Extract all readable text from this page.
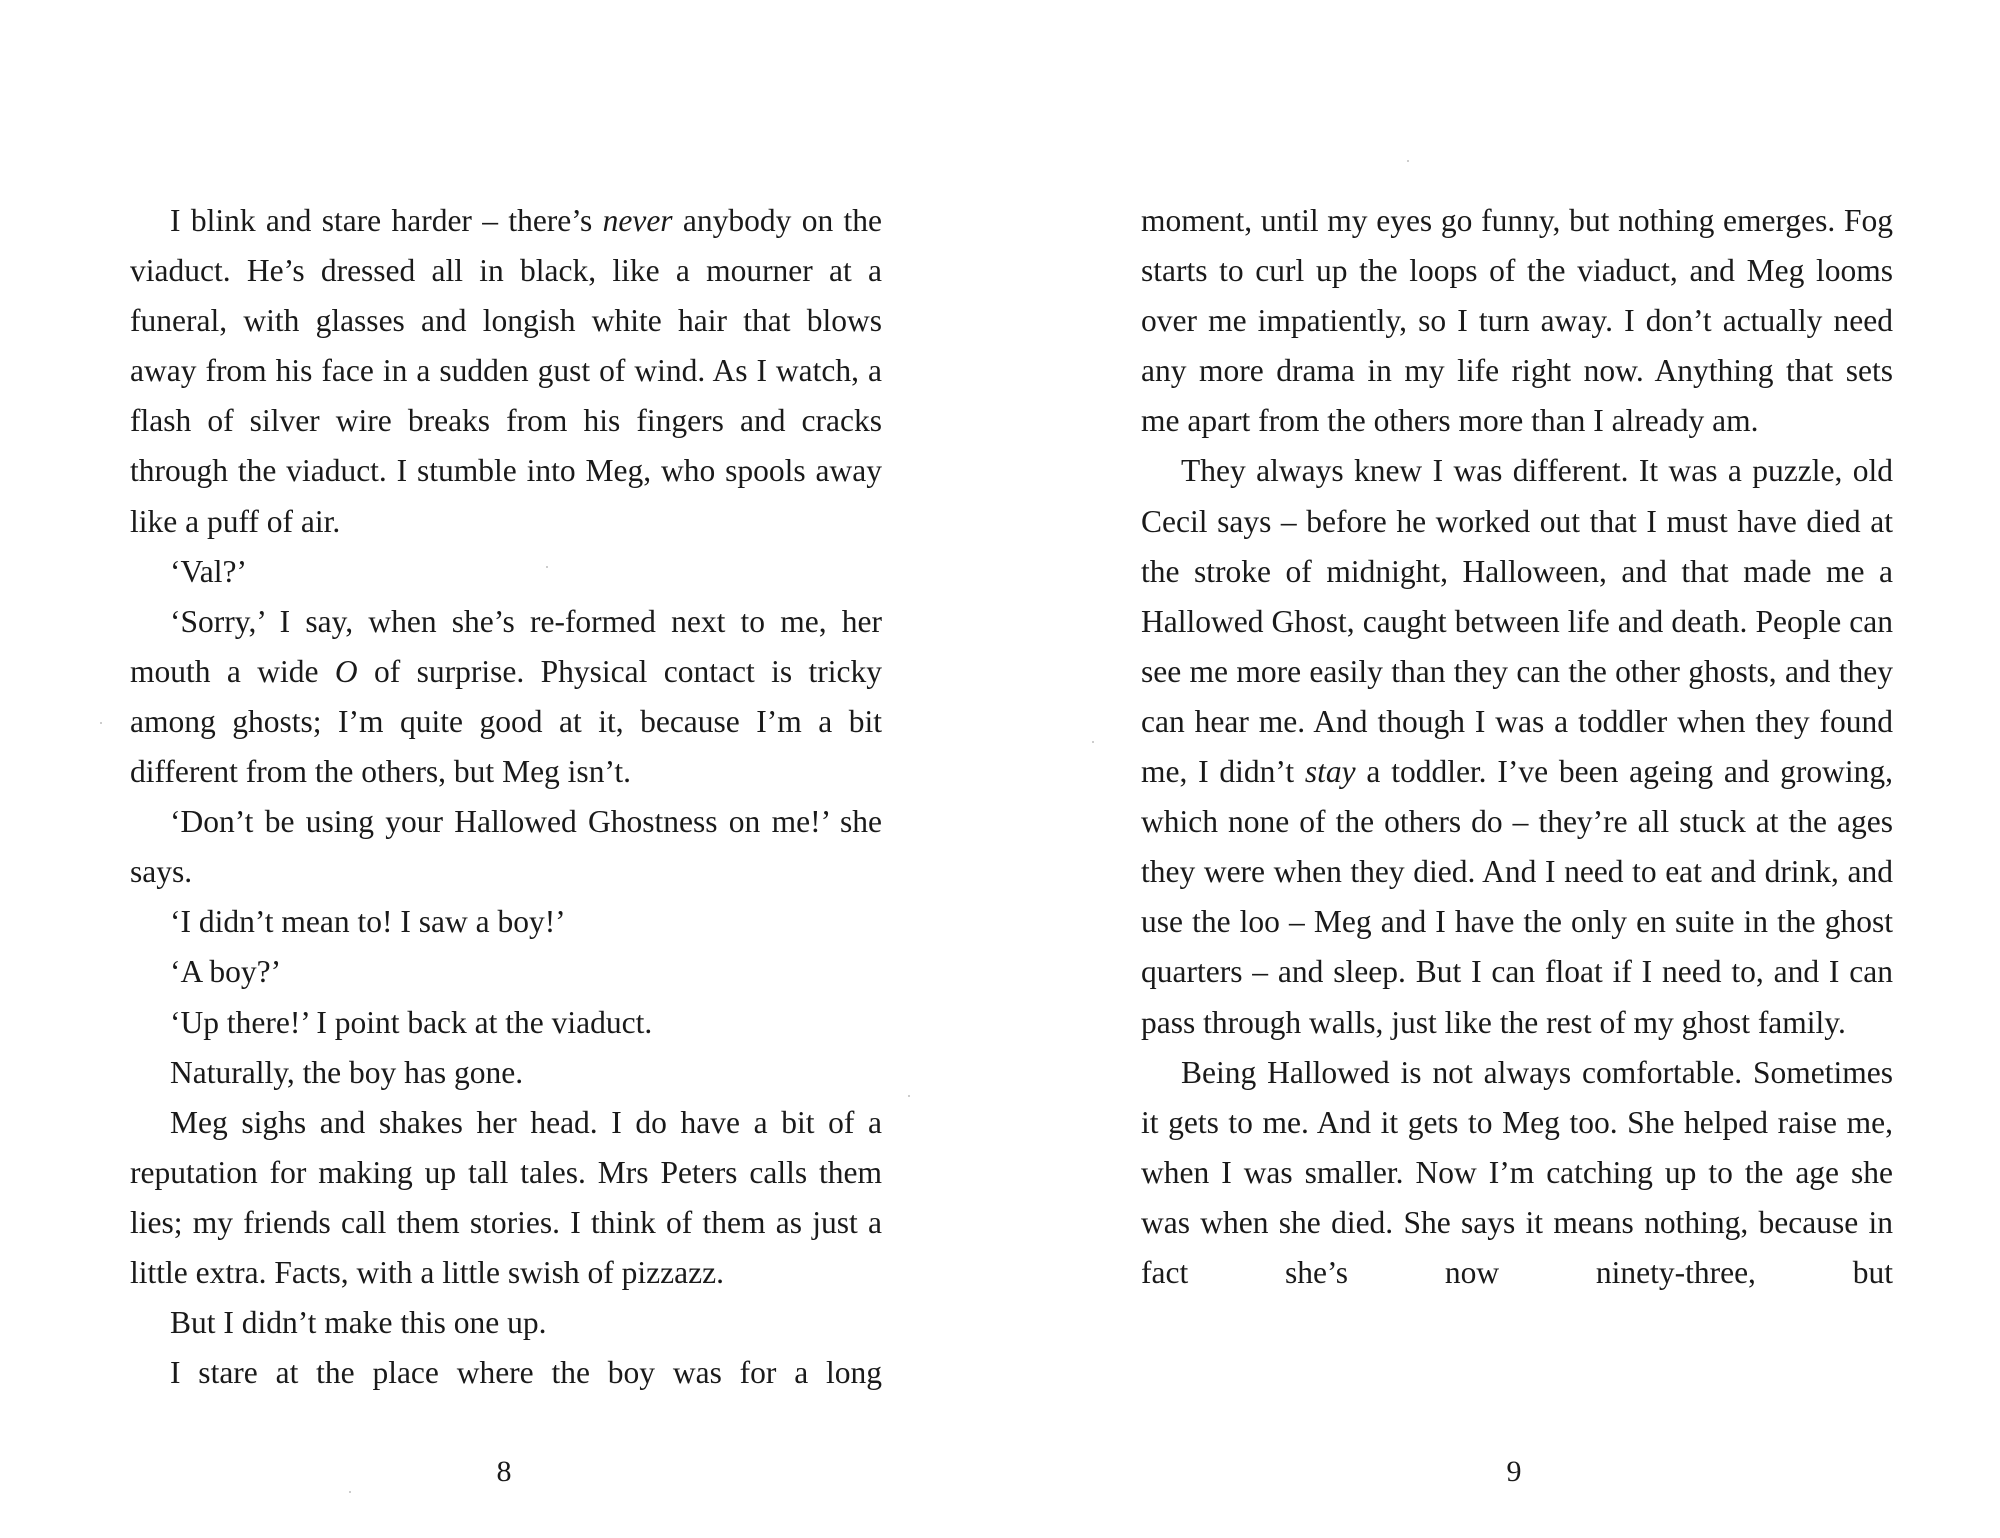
I blink and stare harder – there’s never anybody on the viaduct. He’s dressed all in black, like a mourner at a funeral, with glasses and longish white hair that blows away from his face in a sudden gust of wind. As I watch, a flash of silver wire breaks from his fingers and cracks through the viaduct. I stumble into Meg, who spools away like a puff of air.

‘Val?’

‘Sorry,’ I say, when she’s re-formed next to me, her mouth a wide O of surprise. Physical contact is tricky among ghosts; I’m quite good at it, because I’m a bit different from the others, but Meg isn’t.

‘Don’t be using your Hallowed Ghostness on me!’ she says.

‘I didn’t mean to! I saw a boy!’

‘A boy?’

‘Up there!’ I point back at the viaduct.

Naturally, the boy has gone.

Meg sighs and shakes her head. I do have a bit of a reputation for making up tall tales. Mrs Peters calls them lies; my friends call them stories. I think of them as just a little extra. Facts, with a little swish of pizzazz.

But I didn’t make this one up.

I stare at the place where the boy was for a long

8

moment, until my eyes go funny, but nothing emerges. Fog starts to curl up the loops of the viaduct, and Meg looms over me impatiently, so I turn away. I don’t actually need any more drama in my life right now. Anything that sets me apart from the others more than I already am.

They always knew I was different. It was a puzzle, old Cecil says – before he worked out that I must have died at the stroke of midnight, Halloween, and that made me a Hallowed Ghost, caught between life and death. People can see me more easily than they can the other ghosts, and they can hear me. And though I was a toddler when they found me, I didn’t stay a toddler. I’ve been ageing and growing, which none of the others do – they’re all stuck at the ages they were when they died. And I need to eat and drink, and use the loo – Meg and I have the only en suite in the ghost quarters – and sleep. But I can float if I need to, and I can pass through walls, just like the rest of my ghost family.

Being Hallowed is not always comfortable. Sometimes it gets to me. And it gets to Meg too. She helped raise me, when I was smaller. Now I’m catching up to the age she was when she died. She says it means nothing, because in fact she’s now ninety-three, but

9
